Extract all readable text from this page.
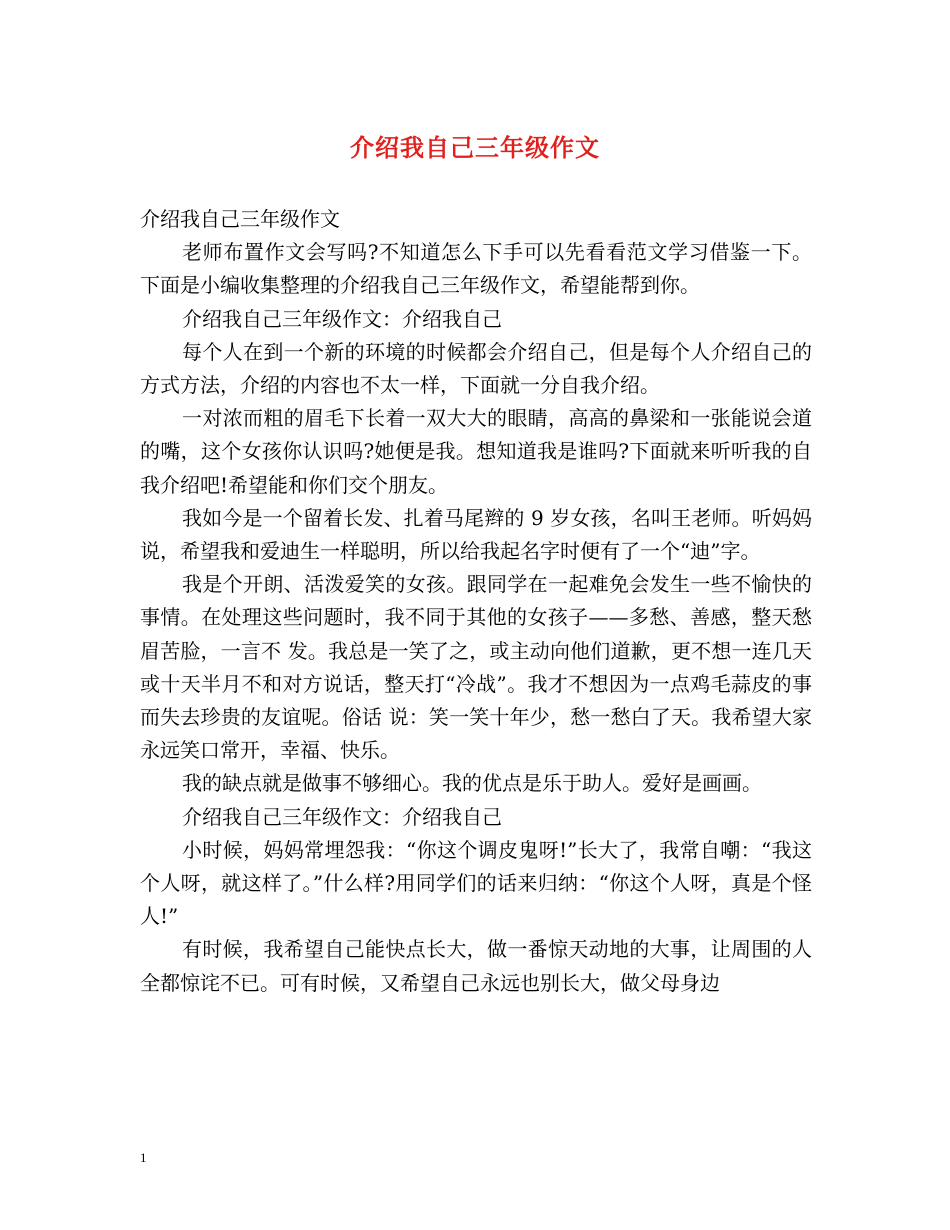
介绍我自己三年级作文

介绍我自己三年级作文

老师布置作文会写吗?不知道怎么下手可以先看看范文学习借鉴一下。下面是小编收集整理的介绍我自己三年级作文，希望能帮到你。

介绍我自己三年级作文：介绍我自己

每个人在到一个新的环境的时候都会介绍自己，但是每个人介绍自己的方式方法，介绍的内容也不太一样，下面就一分自我介绍。

一对浓而粗的眉毛下长着一双大大的眼睛，高高的鼻梁和一张能说会道的嘴，这个女孩你认识吗?她便是我。想知道我是谁吗?下面就来听听我的自我介绍吧!希望能和你们交个朋友。

我如今是一个留着长发、扎着马尾辫的 9 岁女孩，名叫王老师。听妈妈说，希望我和爱迪生一样聪明，所以给我起名字时便有了一个“迪”字。

我是个开朗、活泼爱笑的女孩。跟同学在一起难免会发生一些不愉快的事情。在处理这些问题时，我不同于其他的女孩子——多愁、善感，整天愁眉苦脸，一言不 发。我总是一笑了之，或主动向他们道歉，更不想一连几天或十天半月不和对方说话，整天打“冷战”。我才不想因为一点鸡毛蒜皮的事而失去珍贵的友谊呢。俗话 说：笑一笑十年少，愁一愁白了天。我希望大家永远笑口常开，幸福、快乐。

我的缺点就是做事不够细心。我的优点是乐于助人。爱好是画画。

介绍我自己三年级作文：介绍我自己

小时候，妈妈常埋怨我：“你这个调皮鬼呀!”长大了，我常自嘲：“我这个人呀，就这样了。”什么样?用同学们的话来归纳：“你这个人呀，真是个怪人!”

有时候，我希望自己能快点长大，做一番惊天动地的大事，让周围的人全都惊诧不已。可有时候，又希望自己永远也别长大，做父母身边

1
